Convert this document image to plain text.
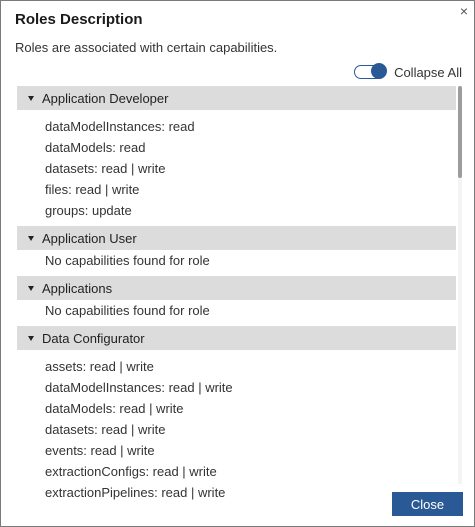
Roles Description	×
Roles are associated with certain capabilities.
Collapse All
Application Developer
dataModelInstances: read
dataModels: read
datasets: read | write
files: read | write
groups: update
Application User
No capabilities found for role
Applications
No capabilities found for role
Data Configurator
assets: read | write
dataModelInstances: read | write
dataModels: read | write
datasets: read | write
events: read | write
extractionConfigs: read | write
extractionPipelines: read | write
Close
